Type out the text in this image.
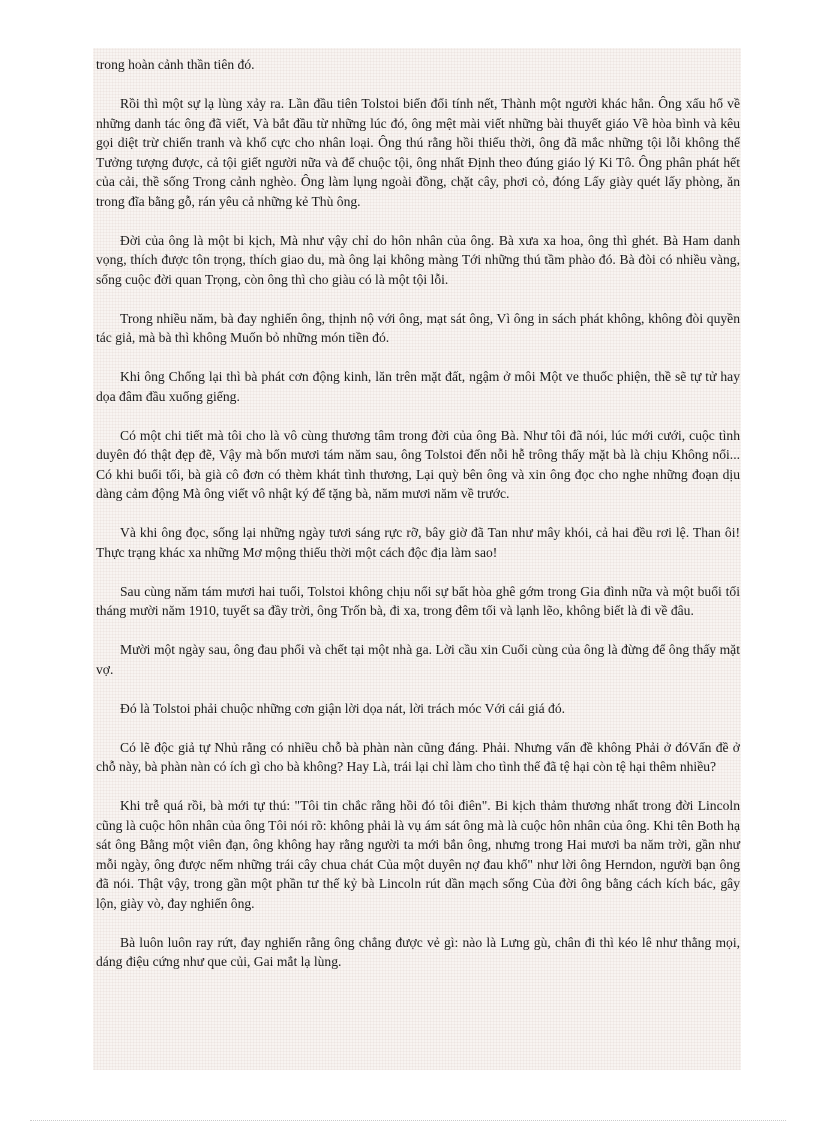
trong hoàn cảnh thần tiên đó.

Rồi thì một sự lạ lùng xảy ra. Lần đầu tiên Tolstoi biến đổi tính nết, Thành một người khác hẳn. Ông xấu hổ về những danh tác ông đã viết, Và bắt đầu từ những lúc đó, ông mệt mài viết những bài thuyết giáo Về hòa bình và kêu gọi diệt trừ chiến tranh và khổ cực cho nhân loại. Ông thú rằng hồi thiếu thời, ông đã mắc những tội lỗi không thể Tưởng tượng được, cả tội giết người nữa và để chuộc tội, ông nhất Định theo đúng giáo lý Ki Tô. Ông phân phát hết của cải, thề sống Trong cảnh nghèo. Ông làm lụng ngoài đồng, chặt cây, phơi cỏ, đóng Lấy giày quét lấy phòng, ăn trong đĩa bằng gỗ, rán yêu cả những kẻ Thù ông.

Đời của ông là một bi kịch, Mà như vậy chỉ do hôn nhân của ông. Bà xưa xa hoa, ông thì ghét. Bà Ham danh vọng, thích được tôn trọng, thích giao du, mà ông lại không màng Tới những thú tầm phào đó. Bà đòi có nhiều vàng, sống cuộc đời quan Trọng, còn ông thì cho giàu có là một tội lỗi.

Trong nhiều năm, bà đay nghiến ông, thịnh nộ với ông, mạt sát ông, Vì ông in sách phát không, không đòi quyền tác giả, mà bà thì không Muốn bỏ những món tiền đó.

Khi ông Chống lại thì bà phát cơn động kinh, lăn trên mặt đất, ngậm ở môi Một ve thuốc phiện, thề sẽ tự tử hay dọa đâm đầu xuống giếng.

Có một chi tiết mà tôi cho là vô cùng thương tâm trong đời của ông Bà. Như tôi đã nói, lúc mới cưới, cuộc tình duyên đó thật đẹp đẽ, Vậy mà bốn mươi tám năm sau, ông Tolstoi đến nỗi hễ trông thấy mặt bà là chịu Không nổi... Có khi buổi tối, bà già cô đơn có thèm khát tình thương, Lại quỳ bên ông và xin ông đọc cho nghe những đoạn dịu dàng cảm động Mà ông viết vô nhật ký để tặng bà, năm mươi năm về trước.

Và khi ông đọc, sống lại những ngày tươi sáng rực rỡ, bây giờ đã Tan như mây khói, cả hai đều rơi lệ. Than ôi! Thực trạng khác xa những Mơ mộng thiếu thời một cách độc địa làm sao!

Sau cùng năm tám mươi hai tuổi, Tolstoi không chịu nổi sự bất hòa ghê gớm trong Gia đình nữa và một buổi tối tháng mười năm 1910, tuyết sa đầy trời, ông Trốn bà, đi xa, trong đêm tối và lạnh lẽo, không biết là đi về đâu.

Mười một ngày sau, ông đau phổi và chết tại một nhà ga. Lời cầu xin Cuối cùng của ông là đừng để ông thấy mặt vợ.

Đó là Tolstoi phải chuộc những cơn giận lời dọa nát, lời trách móc Với cái giá đó.

Có lẽ độc giả tự Nhủ rằng có nhiều chỗ bà phàn nàn cũng đáng. Phải. Nhưng vấn đề không Phải ở đóVấn đề ở chỗ này, bà phàn nàn có ích gì cho bà không? Hay Là, trái lại chỉ làm cho tình thế đã tệ hại còn tệ hại thêm nhiều?

Khi trễ quá rồi, bà mới tự thú: "Tôi tin chắc rằng hồi đó tôi điên". Bi kịch thảm thương nhất trong đời Lincoln cũng là cuộc hôn nhân của ông Tôi nói rõ: không phải là vụ ám sát ông mà là cuộc hôn nhân của ông. Khi tên Both hạ sát ông Bằng một viên đạn, ông không hay rằng người ta mới bắn ông, nhưng trong Hai mươi ba năm trời, gần như mỗi ngày, ông được nếm những trái cây chua chát Của một duyên nợ đau khổ" như lời ông Herndon, người bạn ông đã nói. Thật vậy, trong gần một phần tư thế kỷ bà Lincoln rút dần mạch sống Của đời ông bằng cách kích bác, gây lộn, giày vò, đay nghiến ông.

Bà luôn luôn ray rứt, đay nghiến rằng ông chẳng được vẻ gì: nào là Lưng gù, chân đi thì kéo lê như thằng mọi, dáng điệu cứng như que củi, Gai mắt lạ lùng.
